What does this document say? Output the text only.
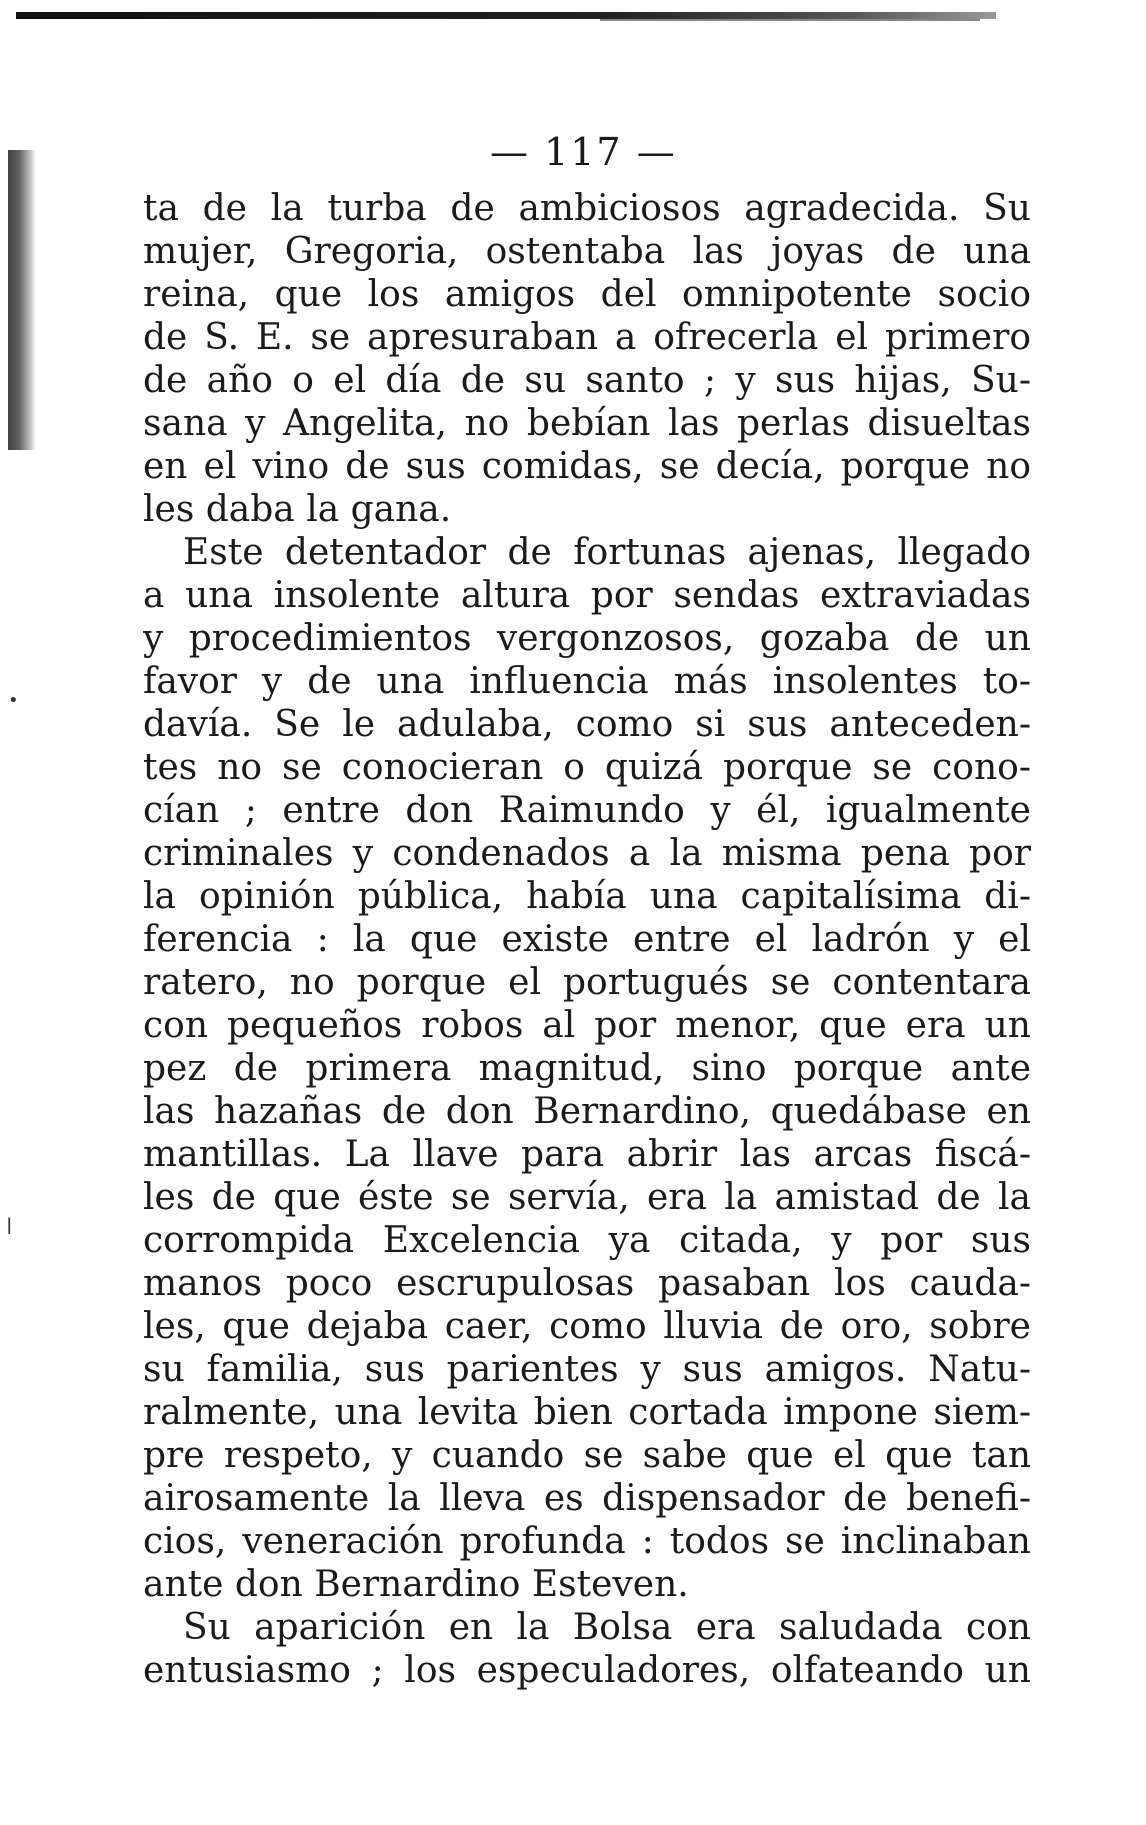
•
ǀ
— 117 —
ta de la turba de ambiciosos agradecida. Su
mujer, Gregoria, ostentaba las joyas de una
reina, que los amigos del omnipotente socio
de S. E. se apresuraban a ofrecerla el primero
de año o el día de su santo ; y sus hijas, Su-
sana y Angelita, no bebían las perlas disueltas
en el vino de sus comidas, se decía, porque no
les daba la gana.
Este detentador de fortunas ajenas, llegado
a una insolente altura por sendas extraviadas
y procedimientos vergonzosos, gozaba de un
favor y de una influencia más insolentes to-
davía. Se le adulaba, como si sus anteceden-
tes no se conocieran o quizá porque se cono-
cían ; entre don Raimundo y él, igualmente
criminales y condenados a la misma pena por
la opinión pública, había una capitalísima di-
ferencia : la que existe entre el ladrón y el
ratero, no porque el portugués se contentara
con pequeños robos al por menor, que era un
pez de primera magnitud, sino porque ante
las hazañas de don Bernardino, quedábase en
mantillas. La llave para abrir las arcas fiscá-
les de que éste se servía, era la amistad de la
corrompida Excelencia ya citada, y por sus
manos poco escrupulosas pasaban los cauda-
les, que dejaba caer, como lluvia de oro, sobre
su familia, sus parientes y sus amigos. Natu-
ralmente, una levita bien cortada impone siem-
pre respeto, y cuando se sabe que el que tan
airosamente la lleva es dispensador de benefi-
cios, veneración profunda : todos se inclinaban
ante don Bernardino Esteven.
Su aparición en la Bolsa era saludada con
entusiasmo ; los especuladores, olfateando un
